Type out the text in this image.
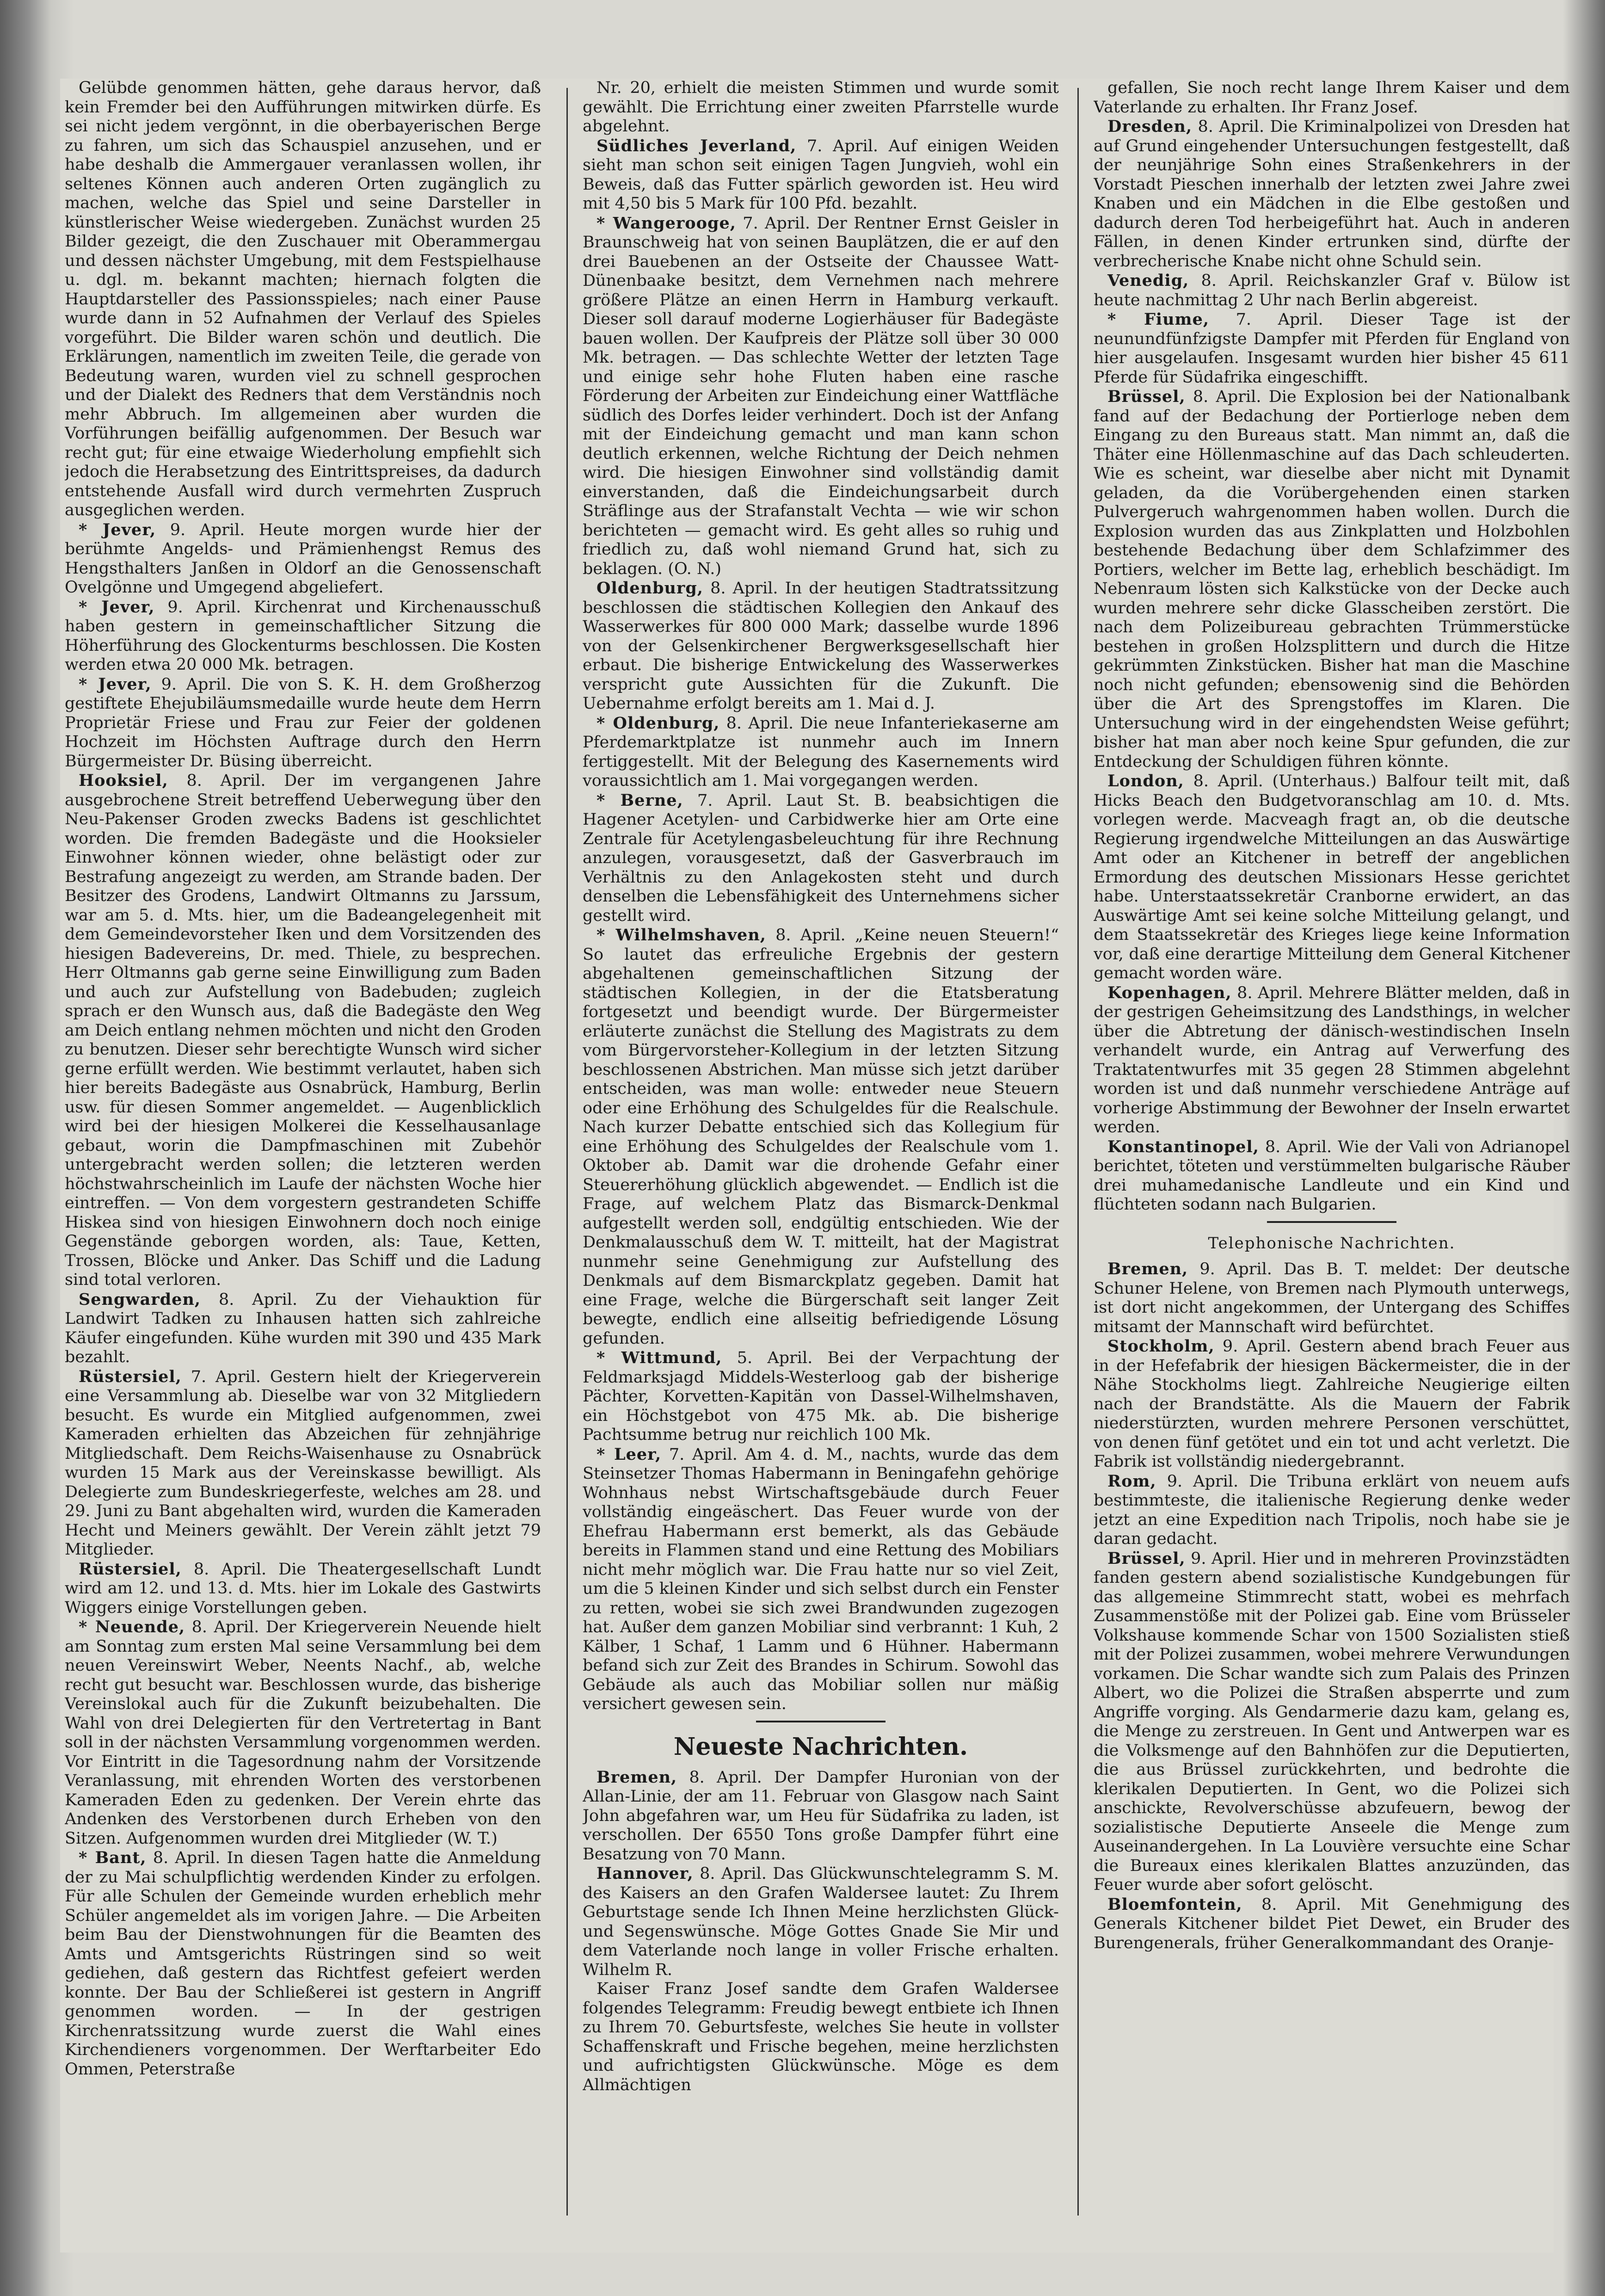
Gelübde genommen hätten, gehe daraus hervor, daß kein Fremder bei den Aufführungen mitwirken dürfe. Es sei nicht jedem vergönnt, in die oberbayerischen Berge zu fahren, um sich das Schauspiel anzusehen, und er habe deshalb die Ammergauer veranlassen wollen, ihr seltenes Können auch anderen Orten zugänglich zu machen, welche das Spiel und seine Darsteller in künstlerischer Weise wiedergeben. Zunächst wurden 25 Bilder gezeigt, die den Zuschauer mit Oberammergau und dessen nächster Umgebung, mit dem Festspielhause u. dgl. m. bekannt machten; hiernach folgten die Hauptdarsteller des Passionsspieles; nach einer Pause wurde dann in 52 Aufnahmen der Verlauf des Spieles vorgeführt. Die Bilder waren schön und deutlich. Die Erklärungen, namentlich im zweiten Teile, die gerade von Bedeutung waren, wurden viel zu schnell gesprochen und der Dialekt des Redners that dem Verständnis noch mehr Abbruch. Im allgemeinen aber wurden die Vorführungen beifällig aufgenommen. Der Besuch war recht gut; für eine etwaige Wiederholung empfiehlt sich jedoch die Herabsetzung des Eintrittspreises, da dadurch entstehende Ausfall wird durch vermehrten Zuspruch ausgeglichen werden.

* Jever, 9. April. Heute morgen wurde hier der berühmte Angelds- und Prämienhengst Remus des Hengsthalters Janßen in Oldorf an die Genossenschaft Ovelgönne und Umgegend abgeliefert.

* Jever, 9. April. Kirchenrat und Kirchenausschuß haben gestern in gemeinschaftlicher Sitzung die Höherführung des Glockenturms beschlossen. Die Kosten werden etwa 20 000 Mk. betragen.

* Jever, 9. April. Die von S. K. H. dem Großherzog gestiftete Ehejubiläumsmedaille wurde heute dem Herrn Proprietär Friese und Frau zur Feier der goldenen Hochzeit im Höchsten Auftrage durch den Herrn Bürgermeister Dr. Büsing überreicht.

Hooksiel, 8. April. Der im vergangenen Jahre ausgebrochene Streit betreffend Ueberwegung über den Neu-Pakenser Groden zwecks Badens ist geschlichtet worden. Die fremden Badegäste und die Hooksieler Einwohner können wieder, ohne belästigt oder zur Bestrafung angezeigt zu werden, am Strande baden. Der Besitzer des Grodens, Landwirt Oltmanns zu Jarssum, war am 5. d. Mts. hier, um die Badeangelegenheit mit dem Gemeindevorsteher Iken und dem Vorsitzenden des hiesigen Badevereins, Dr. med. Thiele, zu besprechen. Herr Oltmanns gab gerne seine Einwilligung zum Baden und auch zur Aufstellung von Badebuden; zugleich sprach er den Wunsch aus, daß die Badegäste den Weg am Deich entlang nehmen möchten und nicht den Groden zu benutzen. Dieser sehr berechtigte Wunsch wird sicher gerne erfüllt werden. Wie bestimmt verlautet, haben sich hier bereits Badegäste aus Osnabrück, Hamburg, Berlin usw. für diesen Sommer angemeldet. — Augenblicklich wird bei der hiesigen Molkerei die Kesselhausanlage gebaut, worin die Dampfmaschinen mit Zubehör untergebracht werden sollen; die letzteren werden höchstwahrscheinlich im Laufe der nächsten Woche hier eintreffen. — Von dem vorgestern gestrandeten Schiffe Hiskea sind von hiesigen Einwohnern doch noch einige Gegenstände geborgen worden, als: Taue, Ketten, Trossen, Blöcke und Anker. Das Schiff und die Ladung sind total verloren.

Sengwarden, 8. April. Zu der Viehauktion für Landwirt Tadken zu Inhausen hatten sich zahlreiche Käufer eingefunden. Kühe wurden mit 390 und 435 Mark bezahlt.

Rüstersiel, 7. April. Gestern hielt der Kriegerverein eine Versammlung ab. Dieselbe war von 32 Mitgliedern besucht. Es wurde ein Mitglied aufgenommen, zwei Kameraden erhielten das Abzeichen für zehnjährige Mitgliedschaft. Dem Reichs-Waisenhause zu Osnabrück wurden 15 Mark aus der Vereinskasse bewilligt. Als Delegierte zum Bundeskriegerfeste, welches am 28. und 29. Juni zu Bant abgehalten wird, wurden die Kameraden Hecht und Meiners gewählt. Der Verein zählt jetzt 79 Mitglieder.

Rüstersiel, 8. April. Die Theatergesellschaft Lundt wird am 12. und 13. d. Mts. hier im Lokale des Gastwirts Wiggers einige Vorstellungen geben.

* Neuende, 8. April. Der Kriegerverein Neuende hielt am Sonntag zum ersten Mal seine Versammlung bei dem neuen Vereinswirt Weber, Neents Nachf., ab, welche recht gut besucht war. Beschlossen wurde, das bisherige Vereinslokal auch für die Zukunft beizubehalten. Die Wahl von drei Delegierten für den Vertretertag in Bant soll in der nächsten Versammlung vorgenommen werden. Vor Eintritt in die Tagesordnung nahm der Vorsitzende Veranlassung, mit ehrenden Worten des verstorbenen Kameraden Eden zu gedenken. Der Verein ehrte das Andenken des Verstorbenen durch Erheben von den Sitzen. Aufgenommen wurden drei Mitglieder (W. T.)

* Bant, 8. April. In diesen Tagen hatte die Anmeldung der zu Mai schulpflichtig werdenden Kinder zu erfolgen. Für alle Schulen der Gemeinde wurden erheblich mehr Schüler angemeldet als im vorigen Jahre. — Die Arbeiten beim Bau der Dienstwohnungen für die Beamten des Amts und Amtsgerichts Rüstringen sind so weit gediehen, daß gestern das Richtfest gefeiert werden konnte. Der Bau der Schließerei ist gestern in Angriff genommen worden. — In der gestrigen Kirchenratssitzung wurde zuerst die Wahl eines Kirchendieners vorgenommen. Der Werftarbeiter Edo Ommen, Peterstraße

Nr. 20, erhielt die meisten Stimmen und wurde somit gewählt. Die Errichtung einer zweiten Pfarrstelle wurde abgelehnt.

Südliches Jeverland, 7. April. Auf einigen Weiden sieht man schon seit einigen Tagen Jungvieh, wohl ein Beweis, daß das Futter spärlich geworden ist. Heu wird mit 4,50 bis 5 Mark für 100 Pfd. bezahlt.

* Wangerooge, 7. April. Der Rentner Ernst Geisler in Braunschweig hat von seinen Bauplätzen, die er auf den drei Bauebenen an der Ostseite der Chaussee Watt-Dünenbaake besitzt, dem Vernehmen nach mehrere größere Plätze an einen Herrn in Hamburg verkauft. Dieser soll darauf moderne Logierhäuser für Badegäste bauen wollen. Der Kaufpreis der Plätze soll über 30 000 Mk. betragen. — Das schlechte Wetter der letzten Tage und einige sehr hohe Fluten haben eine rasche Förderung der Arbeiten zur Eindeichung einer Wattfläche südlich des Dorfes leider verhindert. Doch ist der Anfang mit der Eindeichung gemacht und man kann schon deutlich erkennen, welche Richtung der Deich nehmen wird. Die hiesigen Einwohner sind vollständig damit einverstanden, daß die Eindeichungsarbeit durch Sträflinge aus der Strafanstalt Vechta — wie wir schon berichteten — gemacht wird. Es geht alles so ruhig und friedlich zu, daß wohl niemand Grund hat, sich zu beklagen. (O. N.)

Oldenburg, 8. April. In der heutigen Stadtratssitzung beschlossen die städtischen Kollegien den Ankauf des Wasserwerkes für 800 000 Mark; dasselbe wurde 1896 von der Gelsenkirchener Bergwerksgesellschaft hier erbaut. Die bisherige Entwickelung des Wasserwerkes verspricht gute Aussichten für die Zukunft. Die Uebernahme erfolgt bereits am 1. Mai d. J.

* Oldenburg, 8. April. Die neue Infanteriekaserne am Pferdemarktplatze ist nunmehr auch im Innern fertiggestellt. Mit der Belegung des Kasernements wird voraussichtlich am 1. Mai vorgegangen werden.

* Berne, 7. April. Laut St. B. beabsichtigen die Hagener Acetylen- und Carbidwerke hier am Orte eine Zentrale für Acetylengasbeleuchtung für ihre Rechnung anzulegen, vorausgesetzt, daß der Gasverbrauch im Verhältnis zu den Anlagekosten steht und durch denselben die Lebensfähigkeit des Unternehmens sicher gestellt wird.

* Wilhelmshaven, 8. April. „Keine neuen Steuern!“ So lautet das erfreuliche Ergebnis der gestern abgehaltenen gemeinschaftlichen Sitzung der städtischen Kollegien, in der die Etatsberatung fortgesetzt und beendigt wurde. Der Bürgermeister erläuterte zunächst die Stellung des Magistrats zu dem vom Bürgervorsteher-Kollegium in der letzten Sitzung beschlossenen Abstrichen. Man müsse sich jetzt darüber entscheiden, was man wolle: entweder neue Steuern oder eine Erhöhung des Schulgeldes für die Realschule. Nach kurzer Debatte entschied sich das Kollegium für eine Erhöhung des Schulgeldes der Realschule vom 1. Oktober ab. Damit war die drohende Gefahr einer Steuererhöhung glücklich abgewendet. — Endlich ist die Frage, auf welchem Platz das Bismarck-Denkmal aufgestellt werden soll, endgültig entschieden. Wie der Denkmalausschuß dem W. T. mitteilt, hat der Magistrat nunmehr seine Genehmigung zur Aufstellung des Denkmals auf dem Bismarckplatz gegeben. Damit hat eine Frage, welche die Bürgerschaft seit langer Zeit bewegte, endlich eine allseitig befriedigende Lösung gefunden.

* Wittmund, 5. April. Bei der Verpachtung der Feldmarksjagd Middels-Westerloog gab der bisherige Pächter, Korvetten-Kapitän von Dassel-Wilhelmshaven, ein Höchstgebot von 475 Mk. ab. Die bisherige Pachtsumme betrug nur reichlich 100 Mk.

* Leer, 7. April. Am 4. d. M., nachts, wurde das dem Steinsetzer Thomas Habermann in Beningafehn gehörige Wohnhaus nebst Wirtschaftsgebäude durch Feuer vollständig eingeäschert. Das Feuer wurde von der Ehefrau Habermann erst bemerkt, als das Gebäude bereits in Flammen stand und eine Rettung des Mobiliars nicht mehr möglich war. Die Frau hatte nur so viel Zeit, um die 5 kleinen Kinder und sich selbst durch ein Fenster zu retten, wobei sie sich zwei Brandwunden zugezogen hat. Außer dem ganzen Mobiliar sind verbrannt: 1 Kuh, 2 Kälber, 1 Schaf, 1 Lamm und 6 Hühner. Habermann befand sich zur Zeit des Brandes in Schirum. Sowohl das Gebäude als auch das Mobiliar sollen nur mäßig versichert gewesen sein.

Neueste Nachrichten.

Bremen, 8. April. Der Dampfer Huronian von der Allan-Linie, der am 11. Februar von Glasgow nach Saint John abgefahren war, um Heu für Südafrika zu laden, ist verschollen. Der 6550 Tons große Dampfer führt eine Besatzung von 70 Mann.

Hannover, 8. April. Das Glückwunschtelegramm S. M. des Kaisers an den Grafen Waldersee lautet: Zu Ihrem Geburtstage sende Ich Ihnen Meine herzlichsten Glück- und Segenswünsche. Möge Gottes Gnade Sie Mir und dem Vaterlande noch lange in voller Frische erhalten. Wilhelm R.

Kaiser Franz Josef sandte dem Grafen Waldersee folgendes Telegramm: Freudig bewegt entbiete ich Ihnen zu Ihrem 70. Geburtsfeste, welches Sie heute in vollster Schaffenskraft und Frische begehen, meine herzlichsten und aufrichtigsten Glückwünsche. Möge es dem Allmächtigen

gefallen, Sie noch recht lange Ihrem Kaiser und dem Vaterlande zu erhalten. Ihr Franz Josef.

Dresden, 8. April. Die Kriminalpolizei von Dresden hat auf Grund eingehender Untersuchungen festgestellt, daß der neunjährige Sohn eines Straßenkehrers in der Vorstadt Pieschen innerhalb der letzten zwei Jahre zwei Knaben und ein Mädchen in die Elbe gestoßen und dadurch deren Tod herbeigeführt hat. Auch in anderen Fällen, in denen Kinder ertrunken sind, dürfte der verbrecherische Knabe nicht ohne Schuld sein.

Venedig, 8. April. Reichskanzler Graf v. Bülow ist heute nachmittag 2 Uhr nach Berlin abgereist.

* Fiume, 7. April. Dieser Tage ist der neunundfünfzigste Dampfer mit Pferden für England von hier ausgelaufen. Insgesamt wurden hier bisher 45 611 Pferde für Südafrika eingeschifft.

Brüssel, 8. April. Die Explosion bei der Nationalbank fand auf der Bedachung der Portierloge neben dem Eingang zu den Bureaus statt. Man nimmt an, daß die Thäter eine Höllenmaschine auf das Dach schleuderten. Wie es scheint, war dieselbe aber nicht mit Dynamit geladen, da die Vorübergehenden einen starken Pulvergeruch wahrgenommen haben wollen. Durch die Explosion wurden das aus Zinkplatten und Holzbohlen bestehende Bedachung über dem Schlafzimmer des Portiers, welcher im Bette lag, erheblich beschädigt. Im Nebenraum lösten sich Kalkstücke von der Decke auch wurden mehrere sehr dicke Glasscheiben zerstört. Die nach dem Polizeibureau gebrachten Trümmerstücke bestehen in großen Holzsplittern und durch die Hitze gekrümmten Zinkstücken. Bisher hat man die Maschine noch nicht gefunden; ebensowenig sind die Behörden über die Art des Sprengstoffes im Klaren. Die Untersuchung wird in der eingehendsten Weise geführt; bisher hat man aber noch keine Spur gefunden, die zur Entdeckung der Schuldigen führen könnte.

London, 8. April. (Unterhaus.) Balfour teilt mit, daß Hicks Beach den Budgetvoranschlag am 10. d. Mts. vorlegen werde. Macveagh fragt an, ob die deutsche Regierung irgendwelche Mitteilungen an das Auswärtige Amt oder an Kitchener in betreff der angeblichen Ermordung des deutschen Missionars Hesse gerichtet habe. Unterstaatssekretär Cranborne erwidert, an das Auswärtige Amt sei keine solche Mitteilung gelangt, und dem Staatssekretär des Krieges liege keine Information vor, daß eine derartige Mitteilung dem General Kitchener gemacht worden wäre.

Kopenhagen, 8. April. Mehrere Blätter melden, daß in der gestrigen Geheimsitzung des Landsthings, in welcher über die Abtretung der dänisch-westindischen Inseln verhandelt wurde, ein Antrag auf Verwerfung des Traktatentwurfes mit 35 gegen 28 Stimmen abgelehnt worden ist und daß nunmehr verschiedene Anträge auf vorherige Abstimmung der Bewohner der Inseln erwartet werden.

Konstantinopel, 8. April. Wie der Vali von Adrianopel berichtet, töteten und verstümmelten bulgarische Räuber drei muhamedanische Landleute und ein Kind und flüchteten sodann nach Bulgarien.

Telephonische Nachrichten.

Bremen, 9. April. Das B. T. meldet: Der deutsche Schuner Helene, von Bremen nach Plymouth unterwegs, ist dort nicht angekommen, der Untergang des Schiffes mitsamt der Mannschaft wird befürchtet.

Stockholm, 9. April. Gestern abend brach Feuer aus in der Hefefabrik der hiesigen Bäckermeister, die in der Nähe Stockholms liegt. Zahlreiche Neugierige eilten nach der Brandstätte. Als die Mauern der Fabrik niederstürzten, wurden mehrere Personen verschüttet, von denen fünf getötet und ein tot und acht verletzt. Die Fabrik ist vollständig niedergebrannt.

Rom, 9. April. Die Tribuna erklärt von neuem aufs bestimmteste, die italienische Regierung denke weder jetzt an eine Expedition nach Tripolis, noch habe sie je daran gedacht.

Brüssel, 9. April. Hier und in mehreren Provinzstädten fanden gestern abend sozialistische Kundgebungen für das allgemeine Stimmrecht statt, wobei es mehrfach Zusammenstöße mit der Polizei gab. Eine vom Brüsseler Volkshause kommende Schar von 1500 Sozialisten stieß mit der Polizei zusammen, wobei mehrere Verwundungen vorkamen. Die Schar wandte sich zum Palais des Prinzen Albert, wo die Polizei die Straßen absperrte und zum Angriffe vorging. Als Gendarmerie dazu kam, gelang es, die Menge zu zerstreuen. In Gent und Antwerpen war es die Volksmenge auf den Bahnhöfen zur die Deputierten, die aus Brüssel zurückkehrten, und bedrohte die klerikalen Deputierten. In Gent, wo die Polizei sich anschickte, Revolverschüsse abzufeuern, bewog der sozialistische Deputierte Anseele die Menge zum Auseinandergehen. In La Louvière versuchte eine Schar die Bureaux eines klerikalen Blattes anzuzünden, das Feuer wurde aber sofort gelöscht.

Bloemfontein, 8. April. Mit Genehmigung des Generals Kitchener bildet Piet Dewet, ein Bruder des Burengenerals, früher Generalkommandant des Oranje-
